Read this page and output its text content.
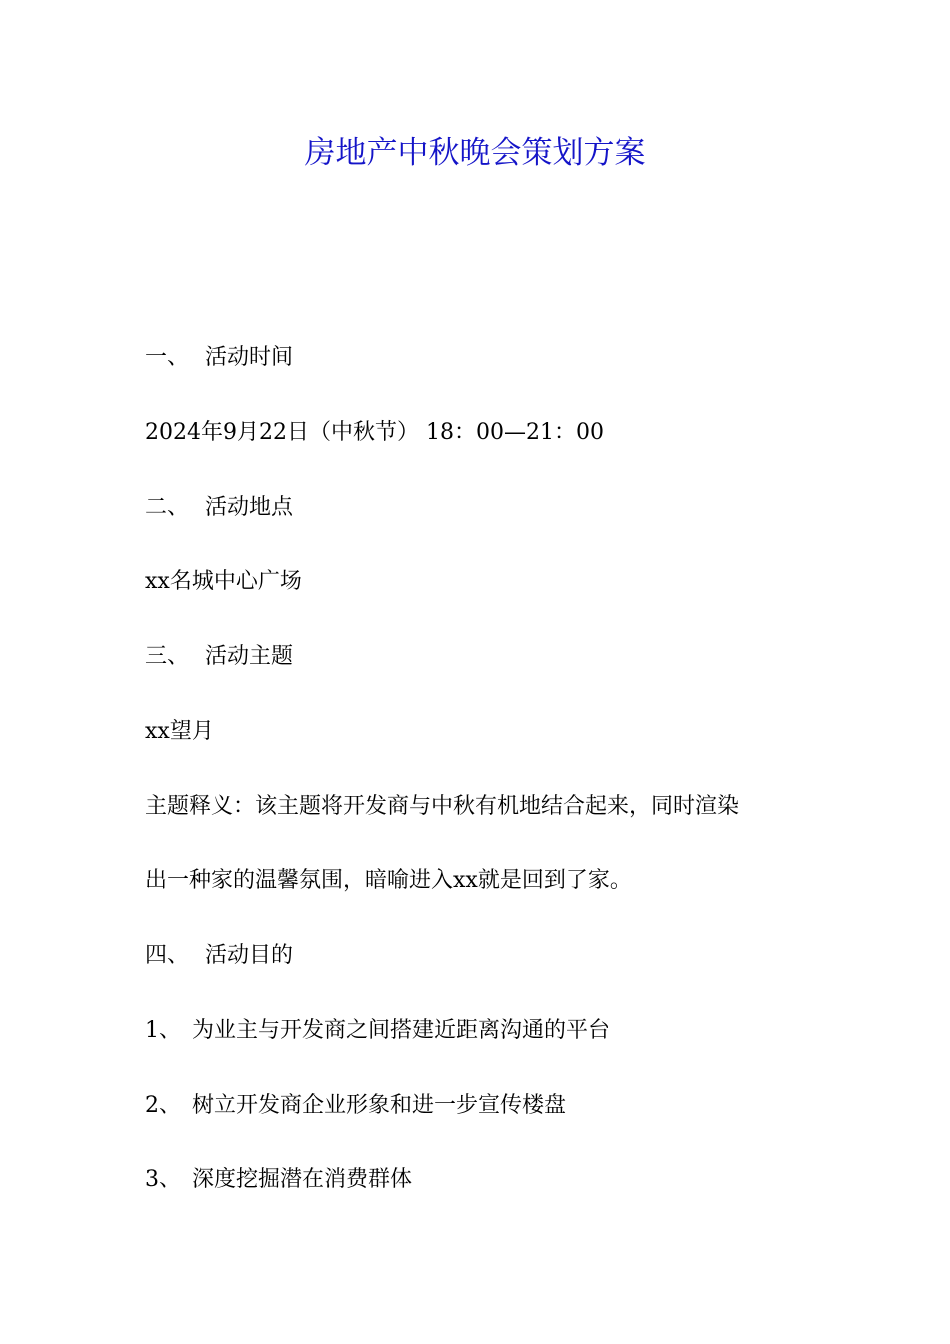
房地产中秋晚会策划方案
一、 活动时间
2024年9月22日（中秋节） 18：00—21：00
二、 活动地点
xx名城中心广场
三、 活动主题
xx望月
主题释义：该主题将开发商与中秋有机地结合起来，同时渲染
出一种家的温馨氛围，暗喻进入xx就是回到了家。
四、 活动目的
1、 为业主与开发商之间搭建近距离沟通的平台
2、 树立开发商企业形象和进一步宣传楼盘
3、 深度挖掘潜在消费群体
